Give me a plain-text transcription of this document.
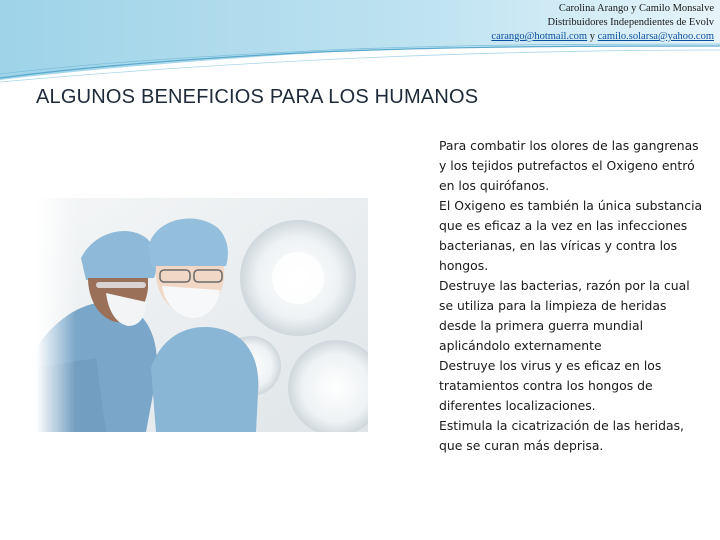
Carolina Arango y Camilo Monsalve
Distribuidores Independientes de Evolv
carango@hotmail.com y camilo.solarsa@yahoo.com
ALGUNOS BENEFICIOS PARA LOS HUMANOS

Para combatir los olores de las gangrenas y los tejidos putrefactos el Oxigeno entró en los quirófanos.

El Oxigeno es también la única substancia que es eficaz a la vez en las infecciones bacterianas, en las víricas y contra los hongos.

Destruye las bacterias, razón por la cual se utiliza para la limpieza de heridas desde la primera guerra mundial aplicándolo externamente

Destruye los virus y es eficaz en los tratamientos contra los hongos de diferentes localizaciones.

Estimula la cicatrización de las heridas, que se curan más deprisa.
